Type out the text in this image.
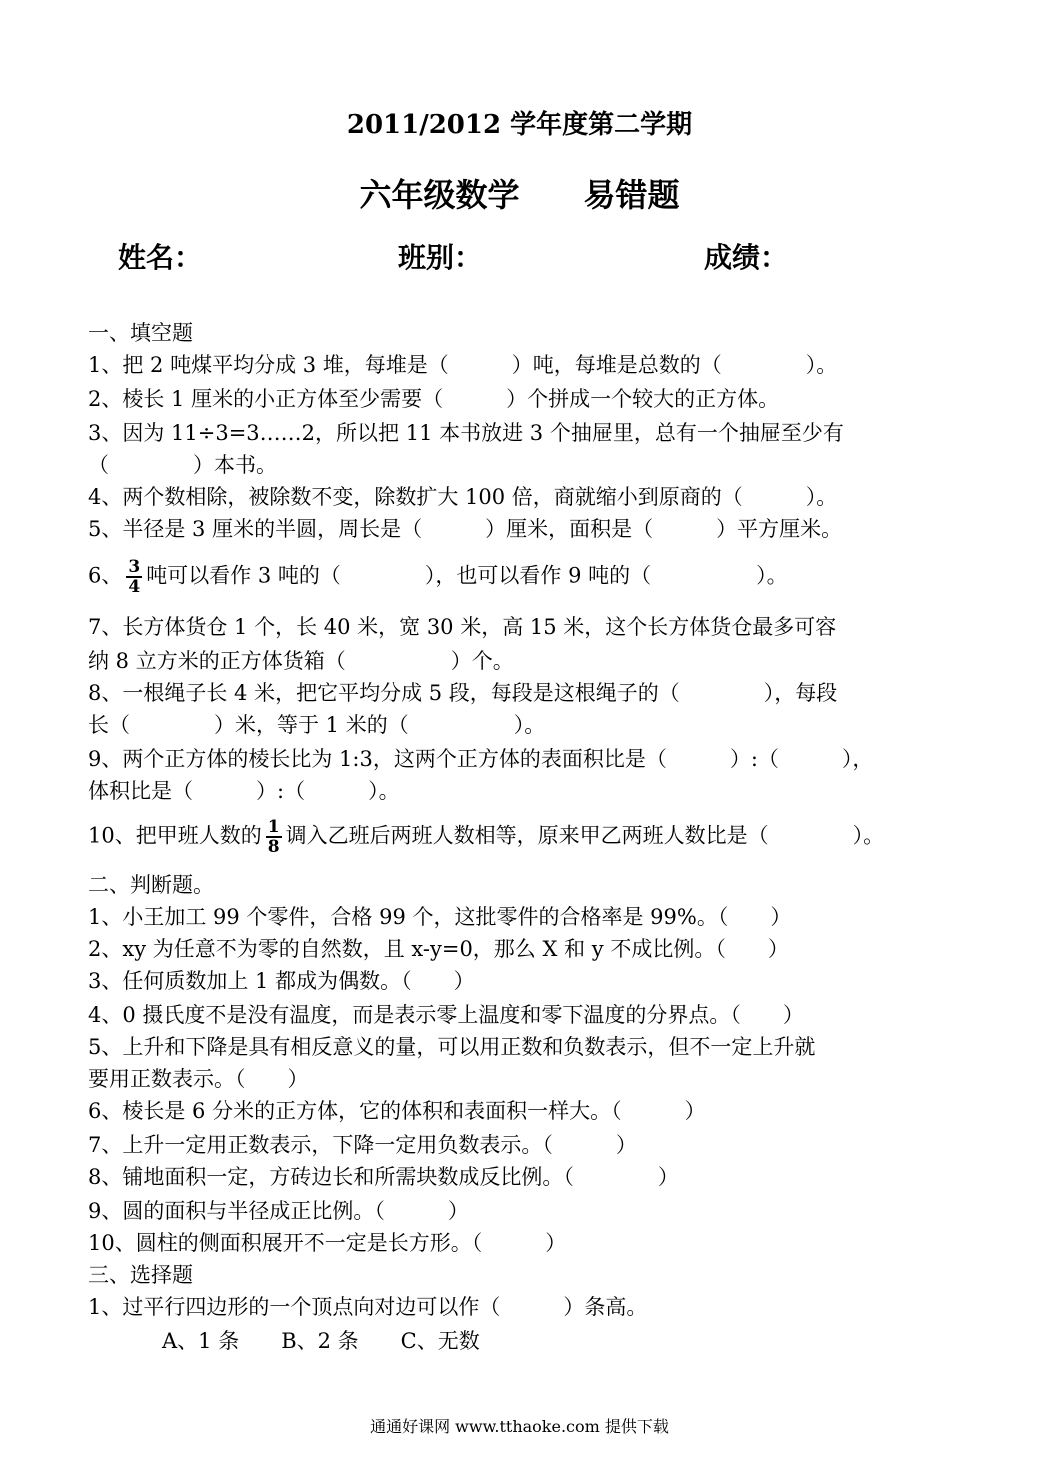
2011/2012 学年度第二学期
六年级数学　　易错题
姓名：	班别：	成绩：
一、填空题
1、把 2 吨煤平均分成 3 堆，每堆是（　　　）吨，每堆是总数的（　　　　）。
2、棱长 1 厘米的小正方体至少需要（　　　）个拼成一个较大的正方体。
3、因为 11÷3=3……2，所以把 11 本书放进 3 个抽屉里，总有一个抽屉至少有
（　　　　）本书。
4、两个数相除，被除数不变，除数扩大 100 倍，商就缩小到原商的（　　　）。
5、半径是 3 厘米的半圆，周长是（　　　）厘米，面积是（　　　）平方厘米。
6、 $\frac{3}{4}$ 吨可以看作 3 吨的（　　　　），也可以看作 9 吨的（　　　　　）。
7、长方体货仓 1 个，长 40 米，宽 30 米，高 15 米，这个长方体货仓最多可容
纳 8 立方米的正方体货箱（　　　　　）个。
8、一根绳子长 4 米，把它平均分成 5 段，每段是这根绳子的（　　　　），每段
长（　　　　）米，等于 1 米的（　　　　　）。
9、两个正方体的棱长比为 1:3，这两个正方体的表面积比是（　　　）:（　　　），
体积比是（　　　）:（　　　）。
10、把甲班人数的 $\frac{1}{8}$ 调入乙班后两班人数相等，原来甲乙两班人数比是（　　　　）。
二、判断题。
1、小王加工 99 个零件，合格 99 个，这批零件的合格率是 99%。（　　）
2、xy 为任意不为零的自然数，且 x-y=0，那么 X 和 y 不成比例。（　　）
3、任何质数加上 1 都成为偶数。（　　）
4、0 摄氏度不是没有温度，而是表示零上温度和零下温度的分界点。（　　）
5、上升和下降是具有相反意义的量，可以用正数和负数表示，但不一定上升就
要用正数表示。（　　）
6、棱长是 6 分米的正方体，它的体积和表面积一样大。（　　　）
7、上升一定用正数表示，下降一定用负数表示。（　　　）
8、铺地面积一定，方砖边长和所需块数成反比例。（　　　　）
9、圆的面积与半径成正比例。（　　　）
10、圆柱的侧面积展开不一定是长方形。（　　　）
三、选择题
1、过平行四边形的一个顶点向对边可以作（　　　）条高。
A、1 条　　B、2 条　　C、无数
通通好课网 www.tthaoke.com 提供下载
